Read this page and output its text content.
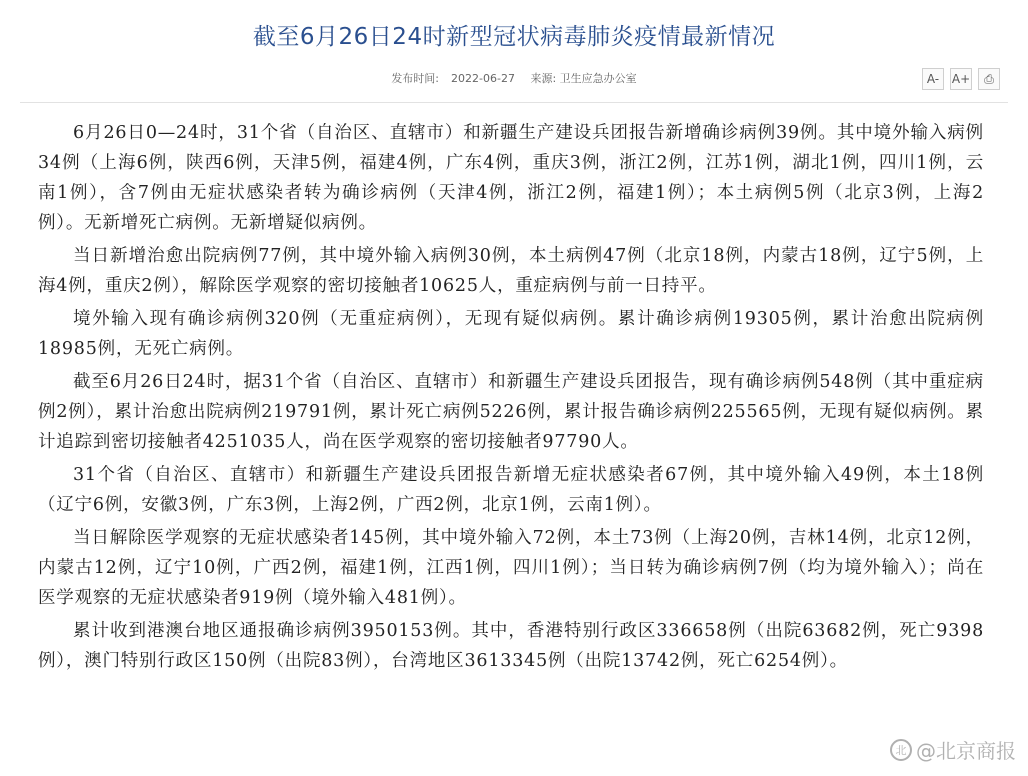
截至6月26日24时新型冠状病毒肺炎疫情最新情况
发布时间: 2022-06-27 来源: 卫生应急办公室	A-	A+	⎙

6月26日0—24时，31个省（自治区、直辖市）和新疆生产建设兵团报告新增确诊病例39例。其中境外输入病例34例（上海6例，陕西6例，天津5例，福建4例，广东4例，重庆3例，浙江2例，江苏1例，湖北1例，四川1例，云南1例），含7例由无症状感染者转为确诊病例（天津4例，浙江2例，福建1例）；本土病例5例（北京3例，上海2例）。无新增死亡病例。无新增疑似病例。

当日新增治愈出院病例77例，其中境外输入病例30例，本土病例47例（北京18例，内蒙古18例，辽宁5例，上海4例，重庆2例），解除医学观察的密切接触者10625人，重症病例与前一日持平。

境外输入现有确诊病例320例（无重症病例），无现有疑似病例。累计确诊病例19305例，累计治愈出院病例18985例，无死亡病例。

截至6月26日24时，据31个省（自治区、直辖市）和新疆生产建设兵团报告，现有确诊病例548例（其中重症病例2例），累计治愈出院病例219791例，累计死亡病例5226例，累计报告确诊病例225565例，无现有疑似病例。累计追踪到密切接触者4251035人，尚在医学观察的密切接触者97790人。

31个省（自治区、直辖市）和新疆生产建设兵团报告新增无症状感染者67例，其中境外输入49例，本土18例（辽宁6例，安徽3例，广东3例，上海2例，广西2例，北京1例，云南1例）。

当日解除医学观察的无症状感染者145例，其中境外输入72例，本土73例（上海20例，吉林14例，北京12例，内蒙古12例，辽宁10例，广西2例，福建1例，江西1例，四川1例）；当日转为确诊病例7例（均为境外输入）；尚在医学观察的无症状感染者919例（境外输入481例）。

累计收到港澳台地区通报确诊病例3950153例。其中，香港特别行政区336658例（出院63682例，死亡9398例），澳门特别行政区150例（出院83例），台湾地区3613345例（出院13742例，死亡6254例）。

北 @北京商报
